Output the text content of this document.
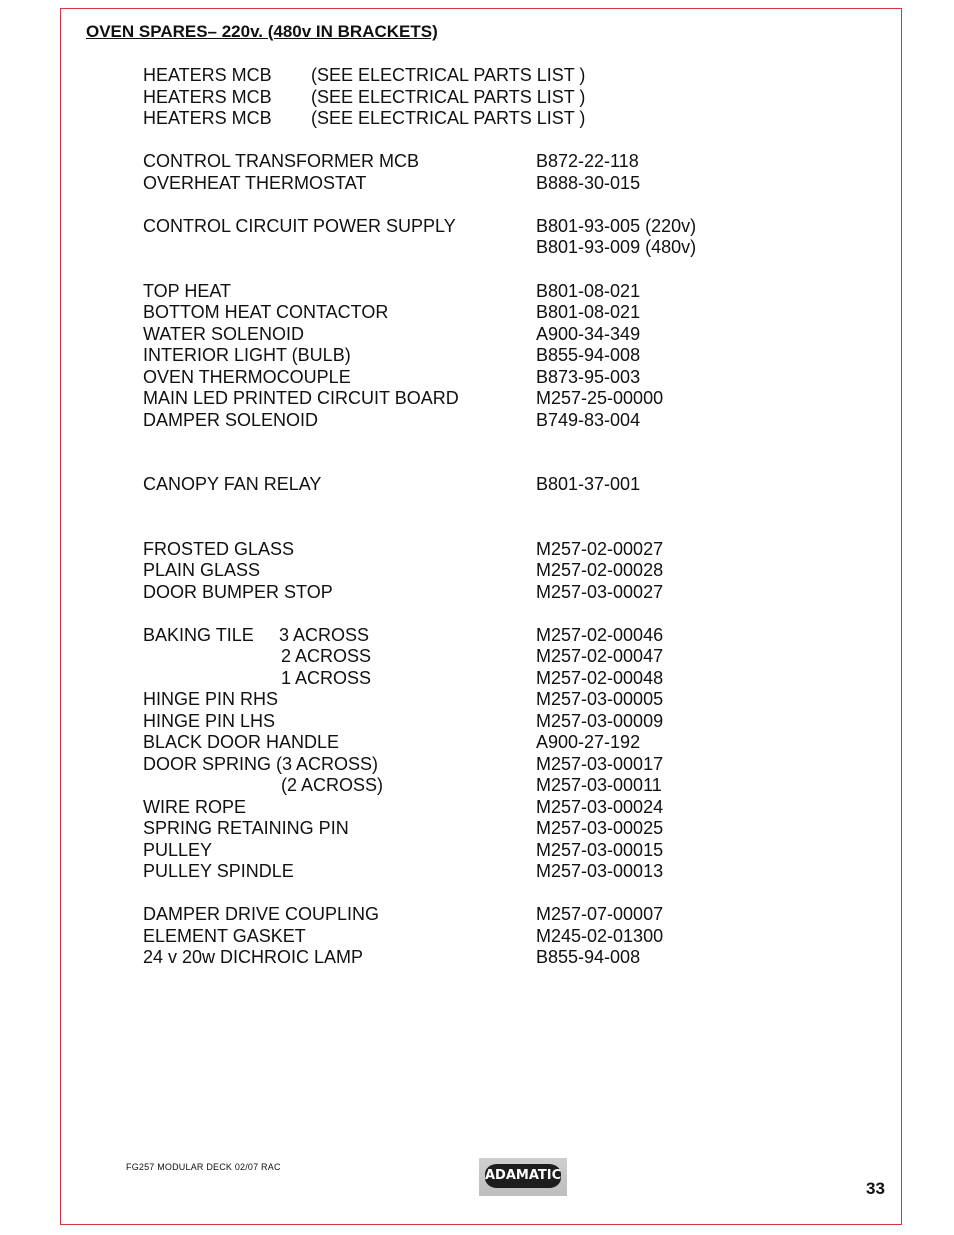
OVEN SPARES– 220v. (480v IN BRACKETS)
HEATERS MCB (SEE ELECTRICAL PARTS LIST )
HEATERS MCB (SEE ELECTRICAL PARTS LIST )
HEATERS MCB (SEE ELECTRICAL PARTS LIST )
CONTROL TRANSFORMER MCB	B872-22-118
OVERHEAT THERMOSTAT	B888-30-015
CONTROL CIRCUIT POWER SUPPLY	B801-93-005 (220v)
B801-93-009 (480v)
TOP HEAT	B801-08-021
BOTTOM HEAT CONTACTOR	B801-08-021
WATER SOLENOID	A900-34-349
INTERIOR LIGHT (BULB)	B855-94-008
OVEN THERMOCOUPLE	B873-95-003
MAIN LED PRINTED CIRCUIT BOARD	M257-25-00000
DAMPER SOLENOID	B749-83-004
CANOPY FAN RELAY	B801-37-001
FROSTED GLASS	M257-02-00027
PLAIN GLASS	M257-02-00028
DOOR BUMPER STOP	M257-03-00027
BAKING TILE 3 ACROSS	M257-02-00046
2 ACROSS	M257-02-00047
1 ACROSS	M257-02-00048
HINGE PIN RHS	M257-03-00005
HINGE PIN LHS	M257-03-00009
BLACK DOOR HANDLE	A900-27-192
DOOR SPRING (3 ACROSS)	M257-03-00017
(2 ACROSS)	M257-03-00011
WIRE ROPE	M257-03-00024
SPRING RETAINING PIN	M257-03-00025
PULLEY	M257-03-00015
PULLEY SPINDLE	M257-03-00013
DAMPER DRIVE COUPLING	M257-07-00007
ELEMENT GASKET	M245-02-01300
24 v 20w DICHROIC LAMP	B855-94-008
FG257 MODULAR DECK 02/07 RAC
ADAMATIC
33
